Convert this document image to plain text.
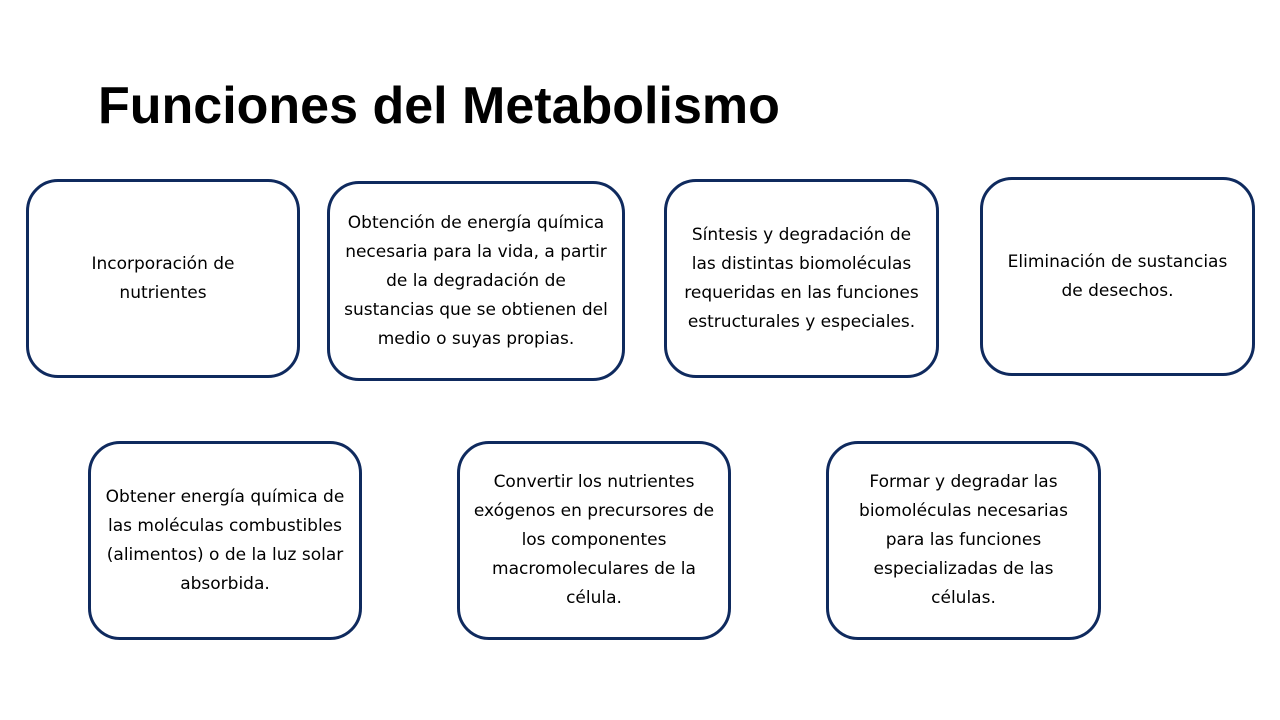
Funciones del Metabolismo
Incorporación de nutrientes
Obtención de energía química necesaria para la vida, a partir de la degradación de sustancias que se obtienen del medio o suyas propias.
Síntesis y degradación de las distintas biomoléculas requeridas en las funciones estructurales y especiales.
Eliminación de sustancias de desechos.
Obtener energía química de las moléculas combustibles (alimentos) o de la luz solar absorbida.
Convertir los nutrientes exógenos en precursores de los componentes macromoleculares de la célula.
Formar y degradar las biomoléculas necesarias para las funciones especializadas de las células.
